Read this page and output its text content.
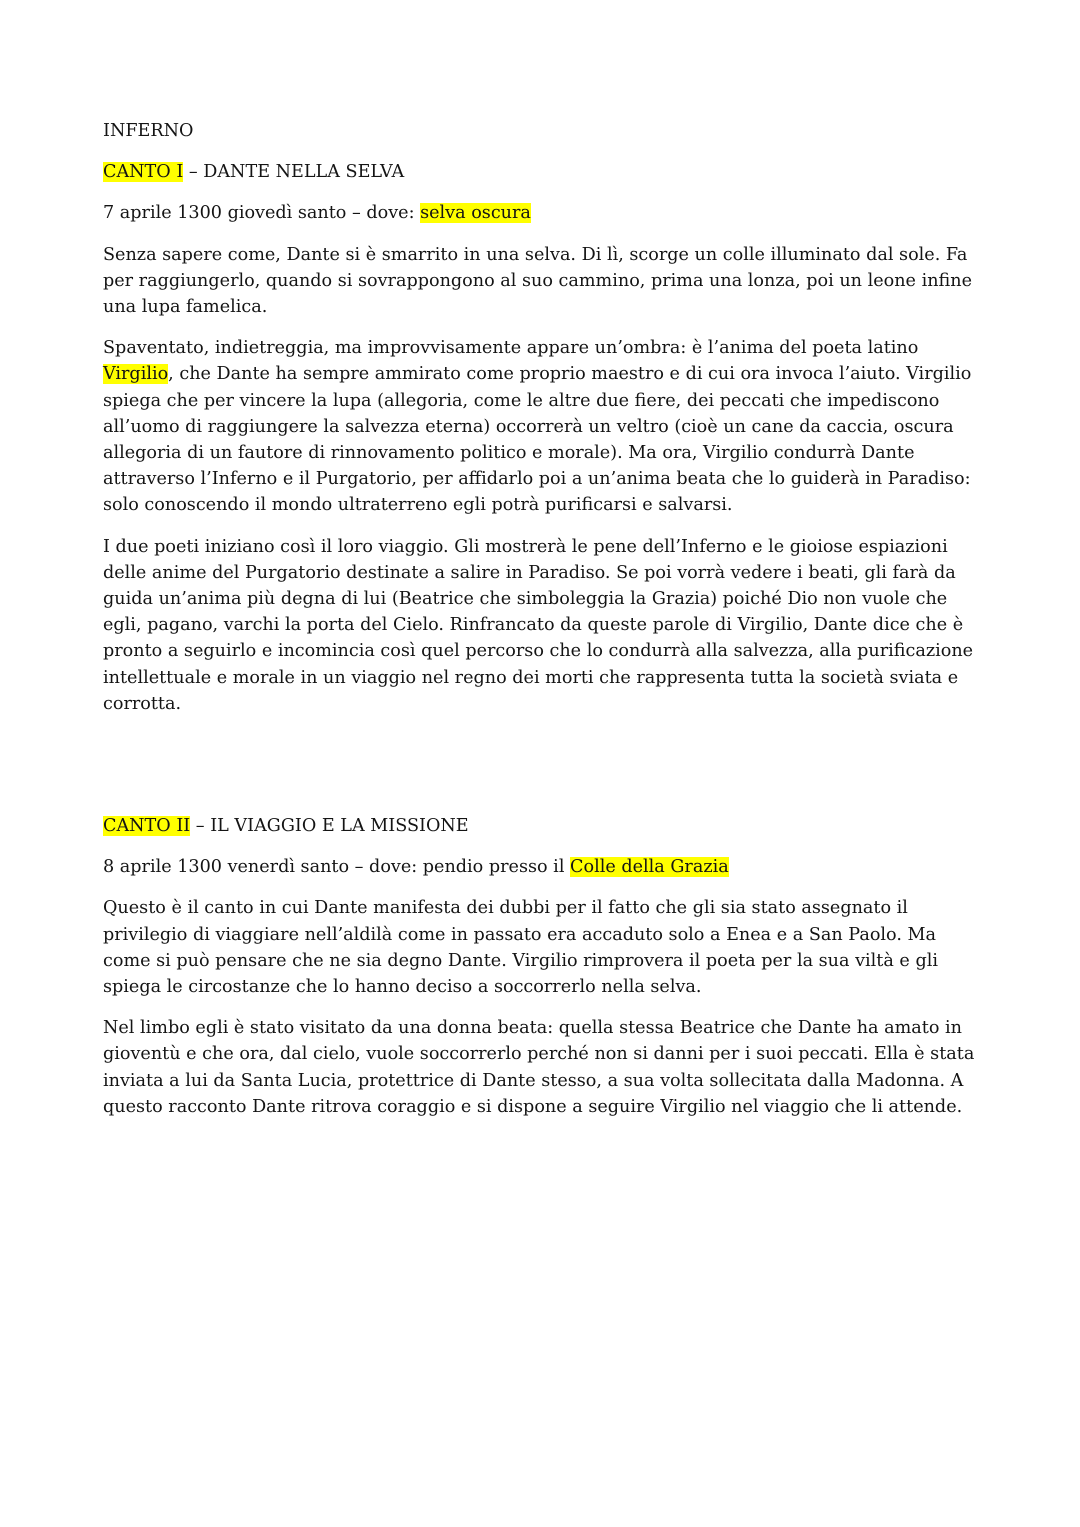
INFERNO

CANTO I – DANTE NELLA SELVA

7 aprile 1300 giovedì santo – dove: selva oscura

Senza sapere come, Dante si è smarrito in una selva. Di lì, scorge un colle illuminato dal sole. Fa per raggiungerlo, quando si sovrappongono al suo cammino, prima una lonza, poi un leone infine una lupa famelica.

Spaventato, indietreggia, ma improvvisamente appare un’ombra: è l’anima del poeta latino Virgilio, che Dante ha sempre ammirato come proprio maestro e di cui ora invoca l’aiuto. Virgilio spiega che per vincere la lupa (allegoria, come le altre due fiere, dei peccati che impediscono all’uomo di raggiungere la salvezza eterna) occorrerà un veltro (cioè un cane da caccia, oscura allegoria di un fautore di rinnovamento politico e morale). Ma ora, Virgilio condurrà Dante attraverso l’Inferno e il Purgatorio, per affidarlo poi a un’anima beata che lo guiderà in Paradiso: solo conoscendo il mondo ultraterreno egli potrà purificarsi e salvarsi.

I due poeti iniziano così il loro viaggio. Gli mostrerà le pene dell’Inferno e le gioiose espiazioni delle anime del Purgatorio destinate a salire in Paradiso. Se poi vorrà vedere i beati, gli farà da guida un’anima più degna di lui (Beatrice che simboleggia la Grazia) poiché Dio non vuole che egli, pagano, varchi la porta del Cielo. Rinfrancato da queste parole di Virgilio, Dante dice che è pronto a seguirlo e incomincia così quel percorso che lo condurrà alla salvezza, alla purificazione intellettuale e morale in un viaggio nel regno dei morti che rappresenta tutta la società sviata e corrotta.

CANTO II – IL VIAGGIO E LA MISSIONE

8 aprile 1300 venerdì santo – dove: pendio presso il Colle della Grazia

Questo è il canto in cui Dante manifesta dei dubbi per il fatto che gli sia stato assegnato il privilegio di viaggiare nell’aldilà come in passato era accaduto solo a Enea e a San Paolo. Ma come si può pensare che ne sia degno Dante. Virgilio rimprovera il poeta per la sua viltà e gli spiega le circostanze che lo hanno deciso a soccorrerlo nella selva.

Nel limbo egli è stato visitato da una donna beata: quella stessa Beatrice che Dante ha amato in gioventù e che ora, dal cielo, vuole soccorrerlo perché non si danni per i suoi peccati. Ella è stata inviata a lui da Santa Lucia, protettrice di Dante stesso, a sua volta sollecitata dalla Madonna. A questo racconto Dante ritrova coraggio e si dispone a seguire Virgilio nel viaggio che li attende.
